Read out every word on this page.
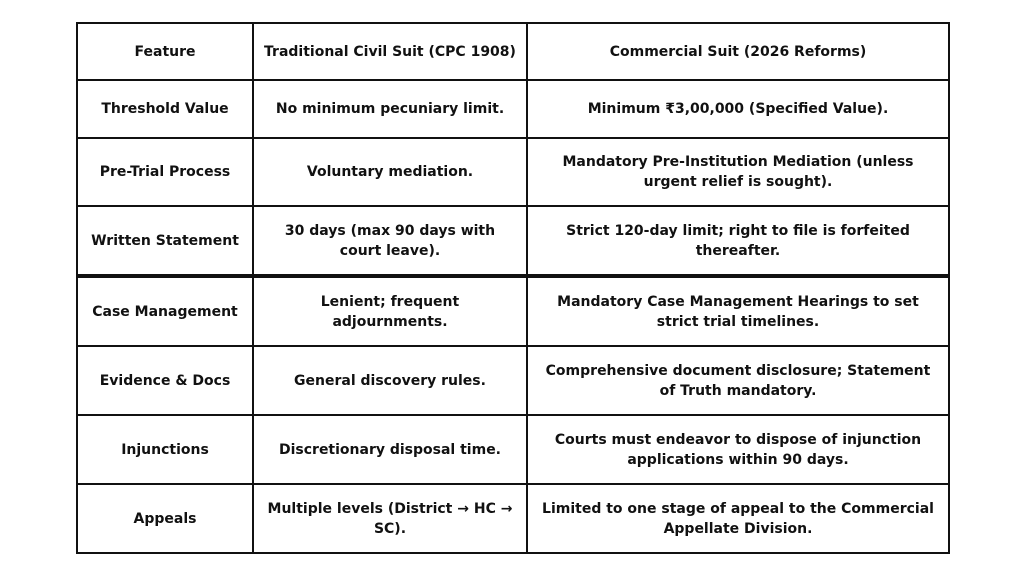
Feature	Traditional Civil Suit (CPC 1908)	Commercial Suit (2026 Reforms)
Threshold Value	No minimum pecuniary limit.	Minimum ₹3,00,000 (Specified Value).
Pre-Trial Process	Voluntary mediation.	Mandatory Pre-Institution Mediation (unless urgent relief is sought).
Written Statement	30 days (max 90 days with court leave).	Strict 120-day limit; right to file is forfeited thereafter.
Case Management	Lenient; frequent adjournments.	Mandatory Case Management Hearings to set strict trial timelines.
Evidence & Docs	General discovery rules.	Comprehensive document disclosure; Statement of Truth mandatory.
Injunctions	Discretionary disposal time.	Courts must endeavor to dispose of injunction applications within 90 days.
Appeals	Multiple levels (District → HC → SC).	Limited to one stage of appeal to the Commercial Appellate Division.
